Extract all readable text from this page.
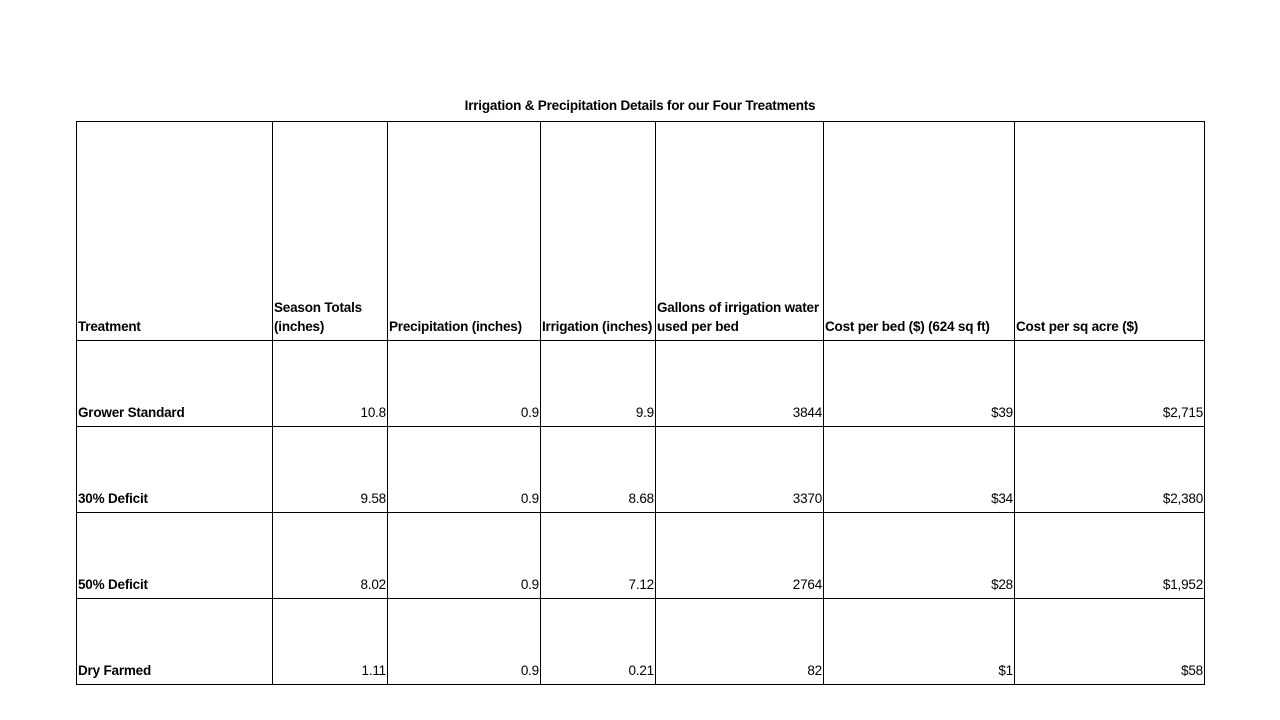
Irrigation & Precipitation Details for our Four Treatments
Treatment	Season Totals (inches)	Precipitation (inches)	Irrigation (inches)	Gallons of irrigation water used per bed	Cost per bed ($) (624 sq ft)	Cost per sq acre ($)
Grower Standard	10.8	0.9	9.9	3844	$39	$2,715
30% Deficit	9.58	0.9	8.68	3370	$34	$2,380
50% Deficit	8.02	0.9	7.12	2764	$28	$1,952
Dry Farmed	1.11	0.9	0.21	82	$1	$58
